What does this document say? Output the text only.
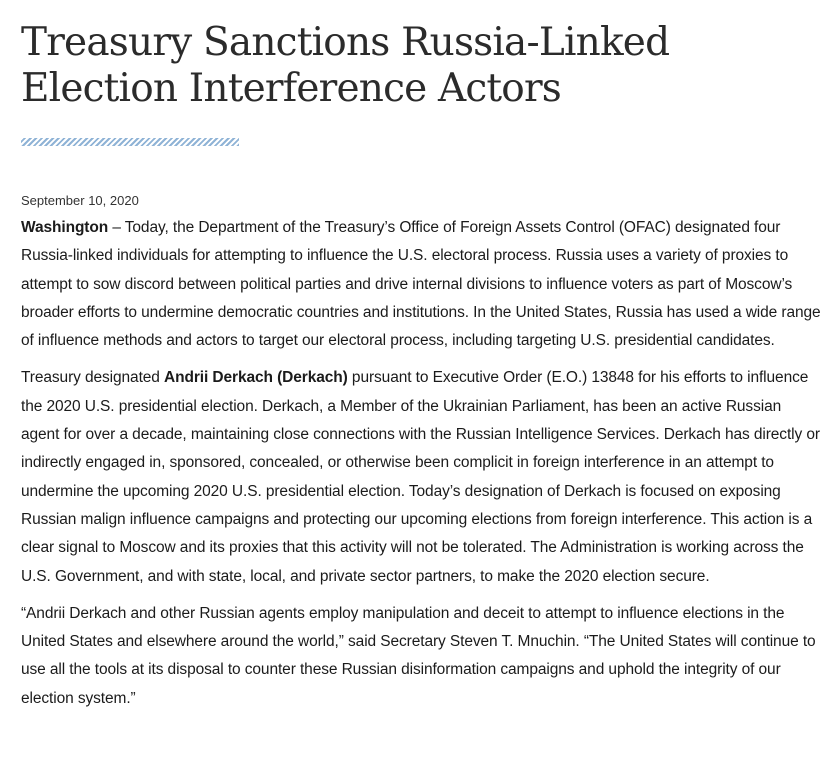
Treasury Sanctions Russia-Linked
Election Interference Actors
September 10, 2020

Washington – Today, the Department of the Treasury’s Office of Foreign Assets Control (OFAC) designated four Russia-linked individuals for attempting to influence the U.S. electoral process. Russia uses a variety of proxies to attempt to sow discord between political parties and drive internal divisions to influence voters as part of Moscow’s broader efforts to undermine democratic countries and institutions. In the United States, Russia has used a wide range of influence methods and actors to target our electoral process, including targeting U.S. presidential candidates.

Treasury designated Andrii Derkach (Derkach) pursuant to Executive Order (E.O.) 13848 for his efforts to influence the 2020 U.S. presidential election. Derkach, a Member of the Ukrainian Parliament, has been an active Russian agent for over a decade, maintaining close connections with the Russian Intelligence Services. Derkach has directly or indirectly engaged in, sponsored, concealed, or otherwise been complicit in foreign interference in an attempt to undermine the upcoming 2020 U.S. presidential election. Today’s designation of Derkach is focused on exposing Russian malign influence campaigns and protecting our upcoming elections from foreign interference. This action is a clear signal to Moscow and its proxies that this activity will not be tolerated. The Administration is working across the U.S. Government, and with state, local, and private sector partners, to make the 2020 election secure.

“Andrii Derkach and other Russian agents employ manipulation and deceit to attempt to influence elections in the United States and elsewhere around the world,” said Secretary Steven T. Mnuchin. “The United States will continue to use all the tools at its disposal to counter these Russian disinformation campaigns and uphold the integrity of our election system.”
